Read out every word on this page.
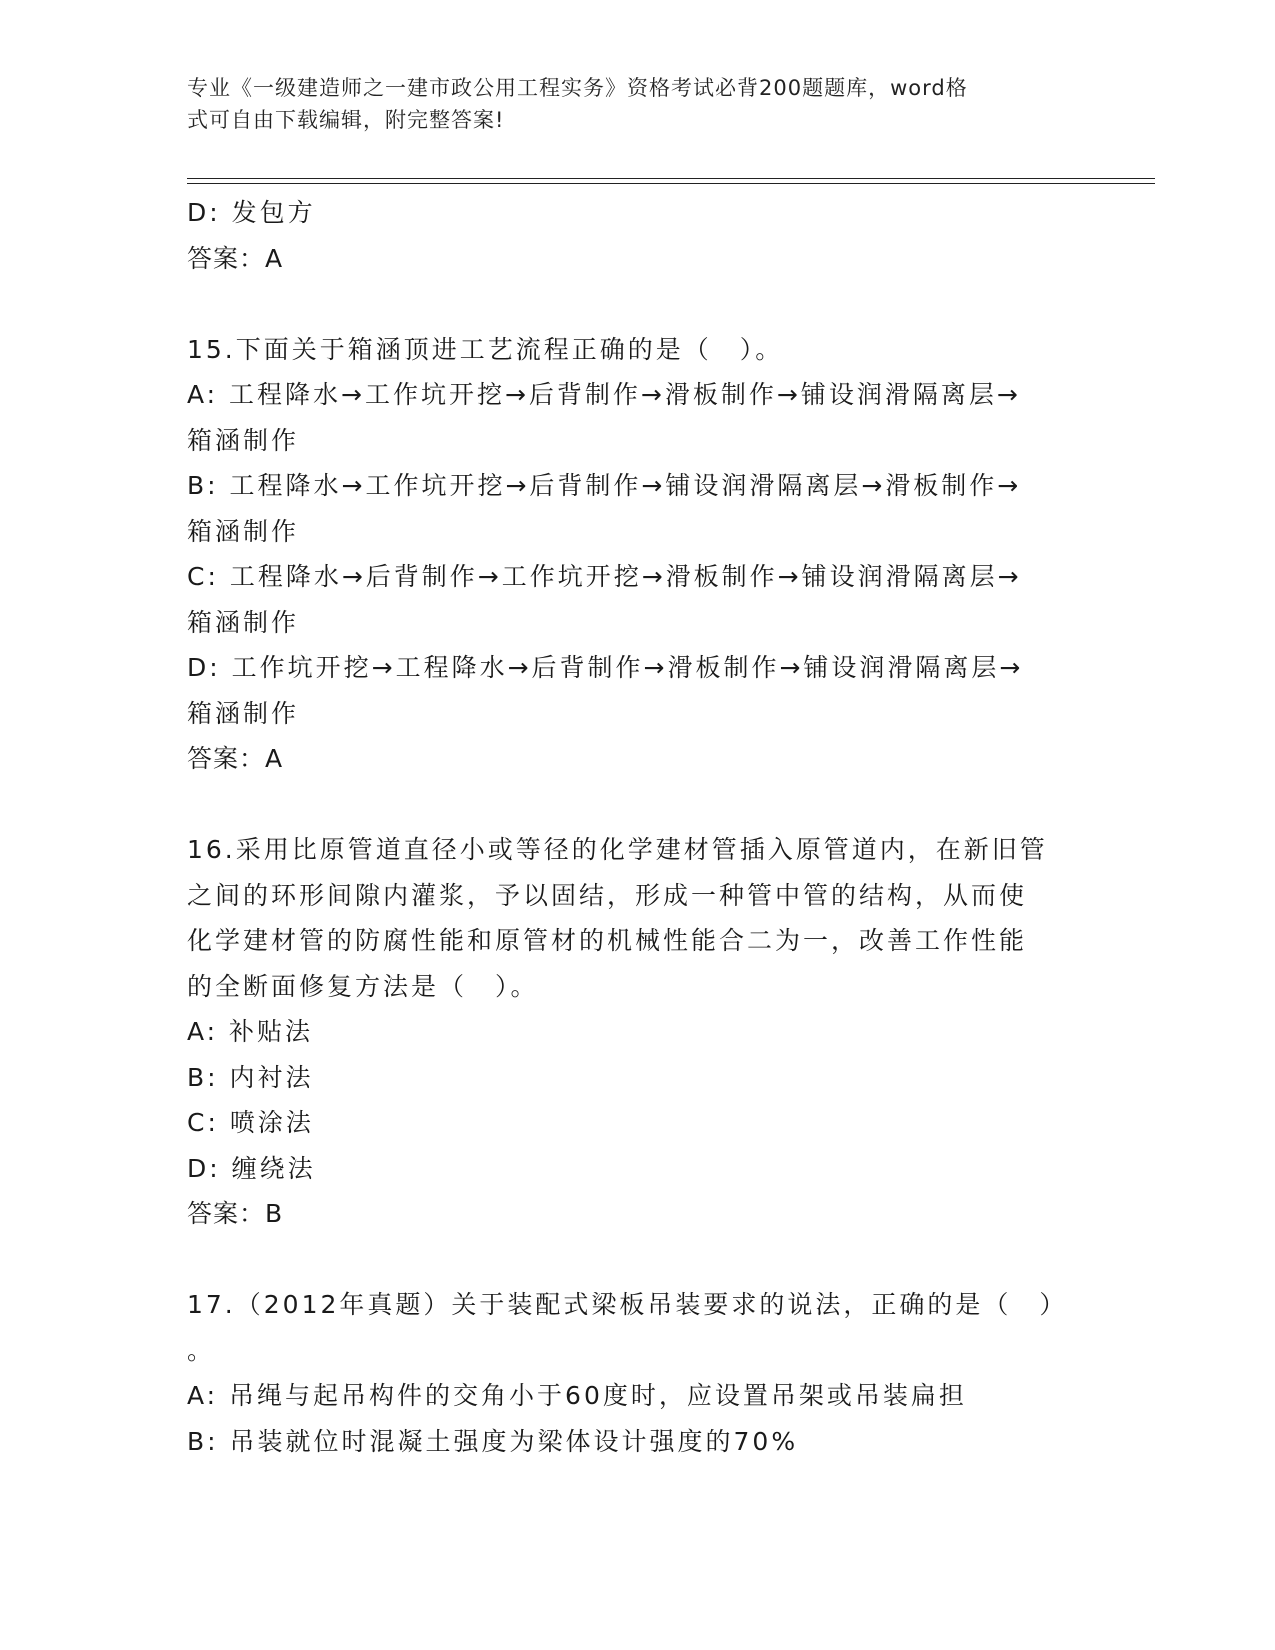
专业《一级建造师之一建市政公用工程实务》资格考试必背200题题库，word格
式可自由下载编辑，附完整答案!
D: 发包方
答案：A
15.下面关于箱涵顶进工艺流程正确的是（　）。
A: 工程降水→工作坑开挖→后背制作→滑板制作→铺设润滑隔离层→
箱涵制作
B: 工程降水→工作坑开挖→后背制作→铺设润滑隔离层→滑板制作→
箱涵制作
C: 工程降水→后背制作→工作坑开挖→滑板制作→铺设润滑隔离层→
箱涵制作
D: 工作坑开挖→工程降水→后背制作→滑板制作→铺设润滑隔离层→
箱涵制作
答案：A
16.采用比原管道直径小或等径的化学建材管插入原管道内，在新旧管
之间的环形间隙内灌浆，予以固结，形成一种管中管的结构，从而使
化学建材管的防腐性能和原管材的机械性能合二为一，改善工作性能
的全断面修复方法是（　）。
A: 补贴法
B: 内衬法
C: 喷涂法
D: 缠绕法
答案：B
17.（2012年真题）关于装配式梁板吊装要求的说法，正确的是（　）
。
A: 吊绳与起吊构件的交角小于60度时，应设置吊架或吊装扁担
B: 吊装就位时混凝土强度为梁体设计强度的70%
